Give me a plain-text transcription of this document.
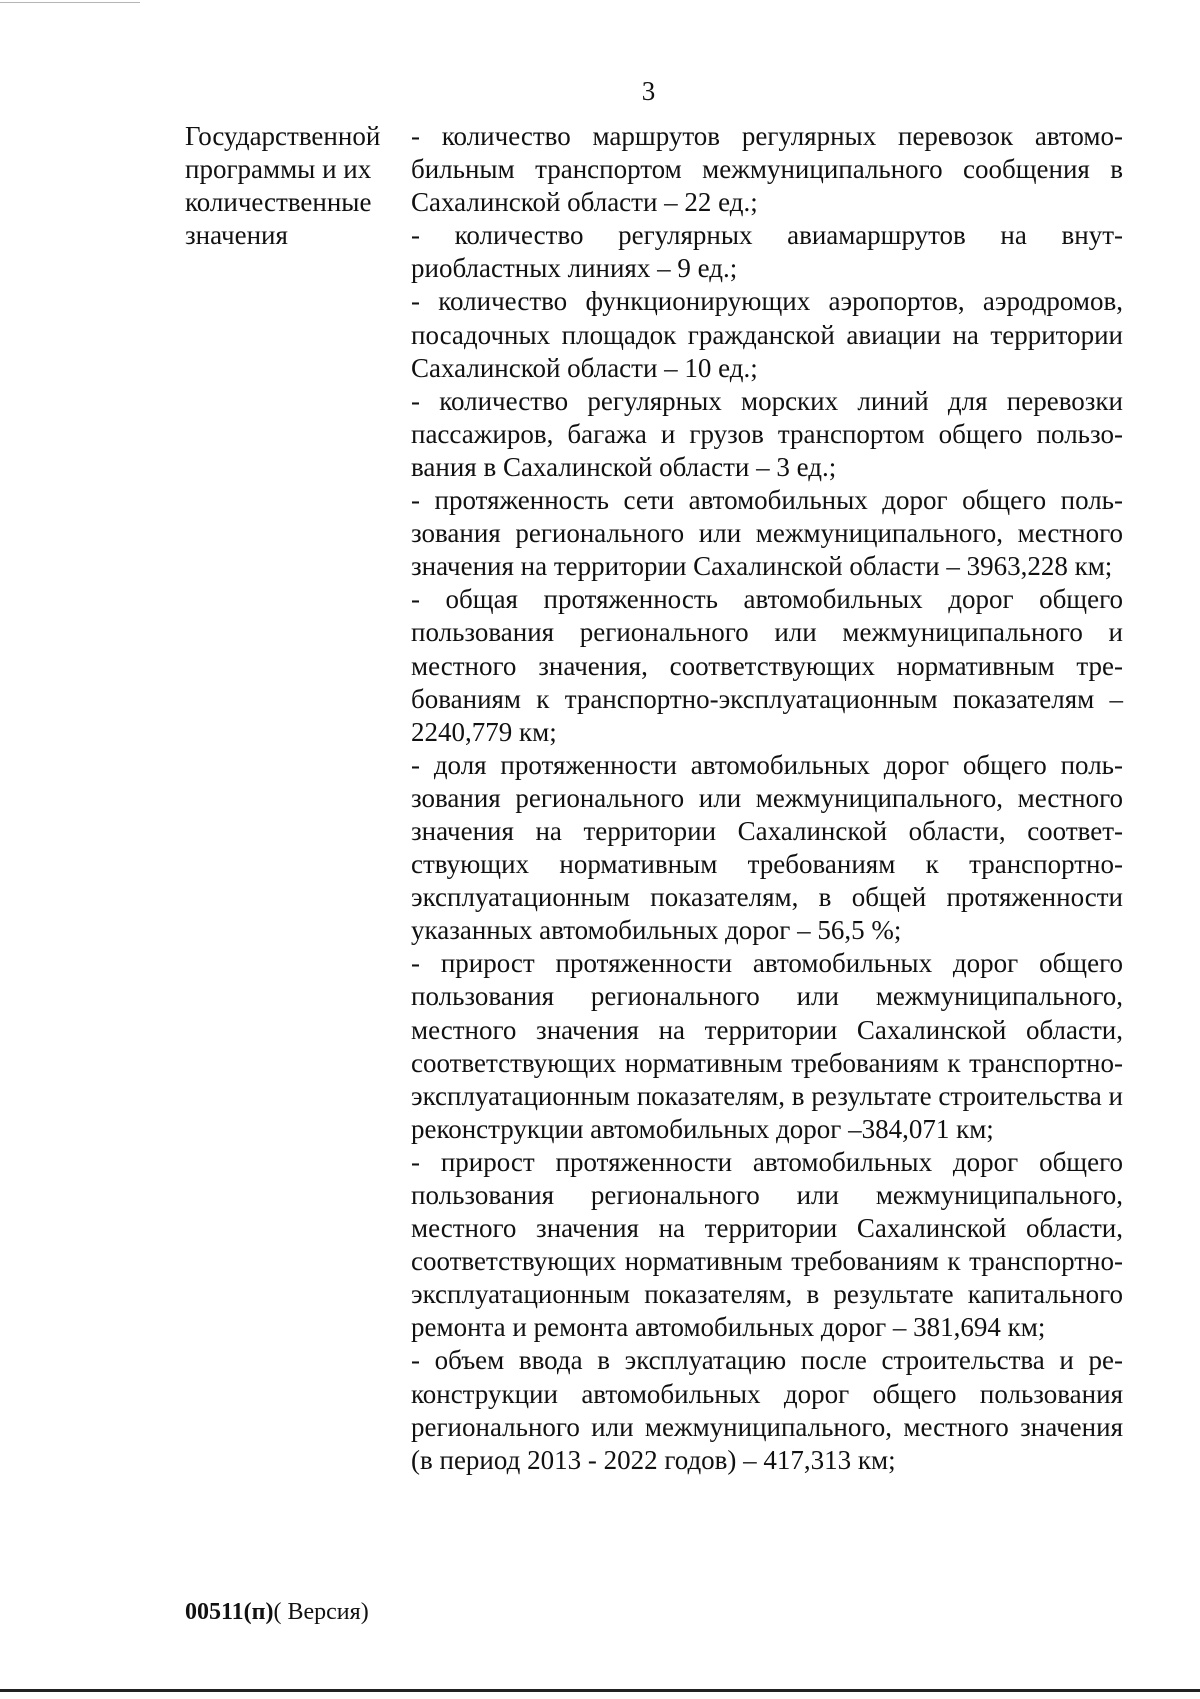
3
Государственной
программы и их
количественные
значения

- количество маршрутов регулярных перевозок автомобильным транспортом межмуниципального сообщения в Сахалинской области – 22 ед.;

- количество регулярных авиамаршрутов на внутриобластных линиях – 9 ед.;

- количество функционирующих аэропортов, аэродромов, посадочных площадок гражданской авиации на территории Сахалинской области – 10 ед.;

- количество регулярных морских линий для перевозки пассажиров, багажа и грузов транспортом общего пользования в Сахалинской области – 3 ед.;

- протяженность сети автомобильных дорог общего пользования регионального или межмуниципального, местного значения на территории Сахалинской области – 3963,228 км;

- общая протяженность автомобильных дорог общего пользования регионального или межмуниципального и местного значения, соответствующих нормативным требованиям к транспортно-эксплуатационным показателям – 2240,779 км;

- доля протяженности автомобильных дорог общего пользования регионального или межмуниципального, местного значения на территории Сахалинской области, соответствующих нормативным требованиям к транспортно-эксплуатационным показателям, в общей протяженности указанных автомобильных дорог – 56,5 %;

- прирост протяженности автомобильных дорог общего пользования регионального или межмуниципального, местного значения на территории Сахалинской области, соответствующих нормативным требованиям к транспортно-эксплуатационным показателям, в результате строительства и реконструкции автомобильных дорог –384,071 км;

- прирост протяженности автомобильных дорог общего пользования регионального или межмуниципального, местного значения на территории Сахалинской области, соответствующих нормативным требованиям к транспортно-эксплуатационным показателям, в результате капитального ремонта и ремонта автомобильных дорог – 381,694 км;

- объем ввода в эксплуатацию после строительства и реконструкции автомобильных дорог общего пользования регионального или межмуниципального, местного значения (в период 2013 - 2022 годов) – 417,313 км;

00511(п)( Версия)
